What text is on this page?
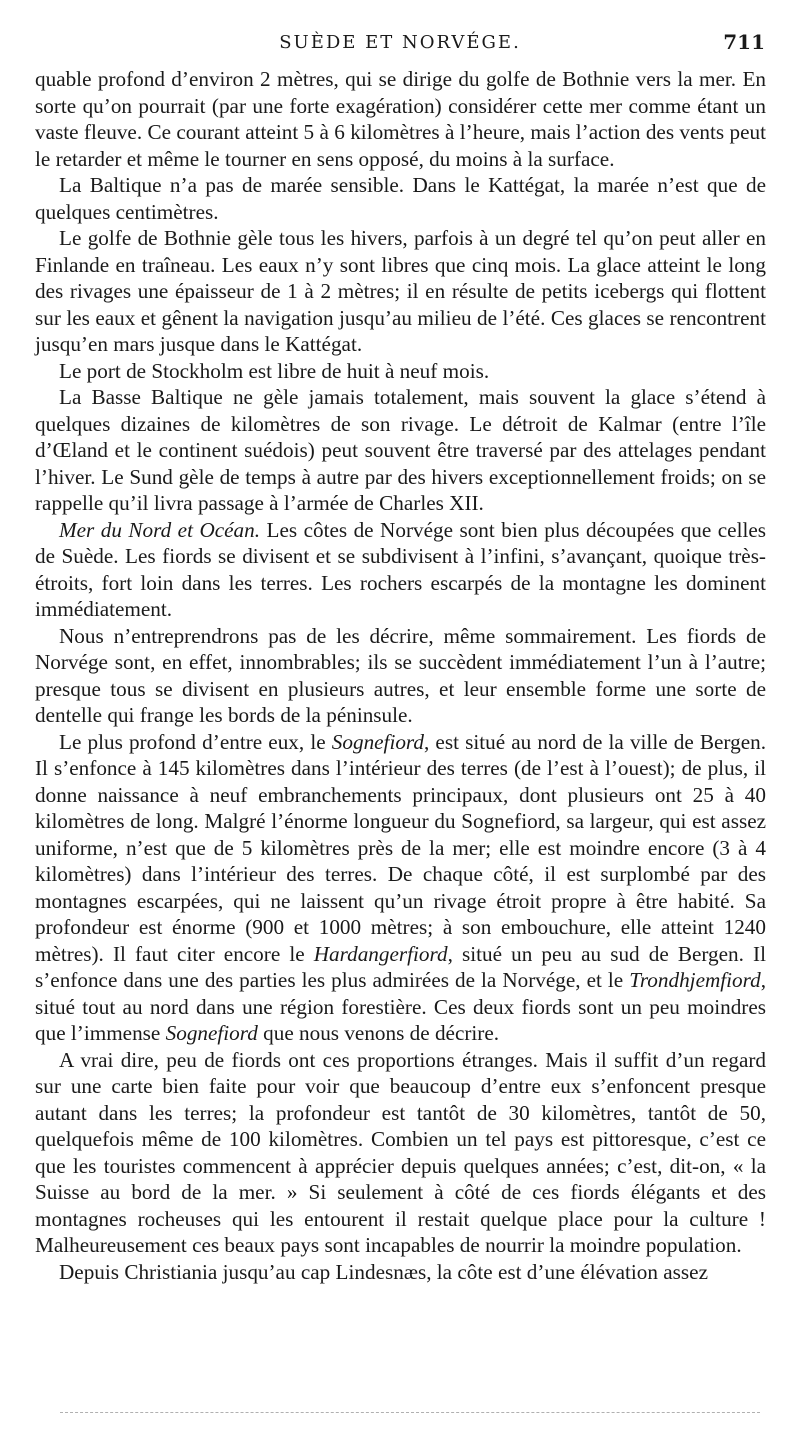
SUÈDE ET NORVÉGE.	711

quable profond d’environ 2 mètres, qui se dirige du golfe de Bothnie vers la mer. En sorte qu’on pourrait (par une forte exagération) considérer cette mer comme étant un vaste fleuve. Ce courant atteint 5 à 6 kilomètres à l’heure, mais l’action des vents peut le retarder et même le tourner en sens opposé, du moins à la surface.

La Baltique n’a pas de marée sensible. Dans le Kattégat, la marée n’est que de quelques centimètres.

Le golfe de Bothnie gèle tous les hivers, parfois à un degré tel qu’on peut aller en Finlande en traîneau. Les eaux n’y sont libres que cinq mois. La glace atteint le long des rivages une épaisseur de 1 à 2 mètres; il en résulte de petits icebergs qui flottent sur les eaux et gênent la navigation jusqu’au milieu de l’été. Ces glaces se rencontrent jusqu’en mars jusque dans le Kattégat.

Le port de Stockholm est libre de huit à neuf mois.

La Basse Baltique ne gèle jamais totalement, mais souvent la glace s’étend à quelques dizaines de kilomètres de son rivage. Le détroit de Kalmar (entre l’île d’Œland et le continent suédois) peut souvent être traversé par des attelages pendant l’hiver. Le Sund gèle de temps à autre par des hivers exceptionnellement froids; on se rappelle qu’il livra passage à l’armée de Charles XII.

Mer du Nord et Océan. Les côtes de Norvége sont bien plus découpées que celles de Suède. Les fiords se divisent et se subdivisent à l’infini, s’avançant, quoique très-étroits, fort loin dans les terres. Les rochers escarpés de la montagne les dominent immédiatement.

Nous n’entreprendrons pas de les décrire, même sommairement. Les fiords de Norvége sont, en effet, innombrables; ils se succèdent immédiatement l’un à l’autre; presque tous se divisent en plusieurs autres, et leur ensemble forme une sorte de dentelle qui frange les bords de la péninsule.

Le plus profond d’entre eux, le Sognefiord, est situé au nord de la ville de Bergen. Il s’enfonce à 145 kilomètres dans l’intérieur des terres (de l’est à l’ouest); de plus, il donne naissance à neuf embranchements principaux, dont plusieurs ont 25 à 40 kilomètres de long. Malgré l’énorme longueur du Sognefiord, sa largeur, qui est assez uniforme, n’est que de 5 kilomètres près de la mer; elle est moindre encore (3 à 4 kilomètres) dans l’intérieur des terres. De chaque côté, il est surplombé par des montagnes escarpées, qui ne laissent qu’un rivage étroit propre à être habité. Sa profondeur est énorme (900 et 1000 mètres; à son embouchure, elle atteint 1240 mètres). Il faut citer encore le Hardangerfiord, situé un peu au sud de Bergen. Il s’enfonce dans une des parties les plus admirées de la Norvége, et le Trondhjemfiord, situé tout au nord dans une région forestière. Ces deux fiords sont un peu moindres que l’immense Sognefiord que nous venons de décrire.

A vrai dire, peu de fiords ont ces proportions étranges. Mais il suffit d’un regard sur une carte bien faite pour voir que beaucoup d’entre eux s’enfoncent presque autant dans les terres; la profondeur est tantôt de 30 kilomètres, tantôt de 50, quelquefois même de 100 kilomètres. Combien un tel pays est pittoresque, c’est ce que les touristes commencent à apprécier depuis quelques années; c’est, dit-on, « la Suisse au bord de la mer. » Si seulement à côté de ces fiords élégants et des montagnes rocheuses qui les entourent il restait quelque place pour la culture ! Malheureusement ces beaux pays sont incapables de nourrir la moindre population.

Depuis Christiania jusqu’au cap Lindesnæs, la côte est d’une élévation assez
